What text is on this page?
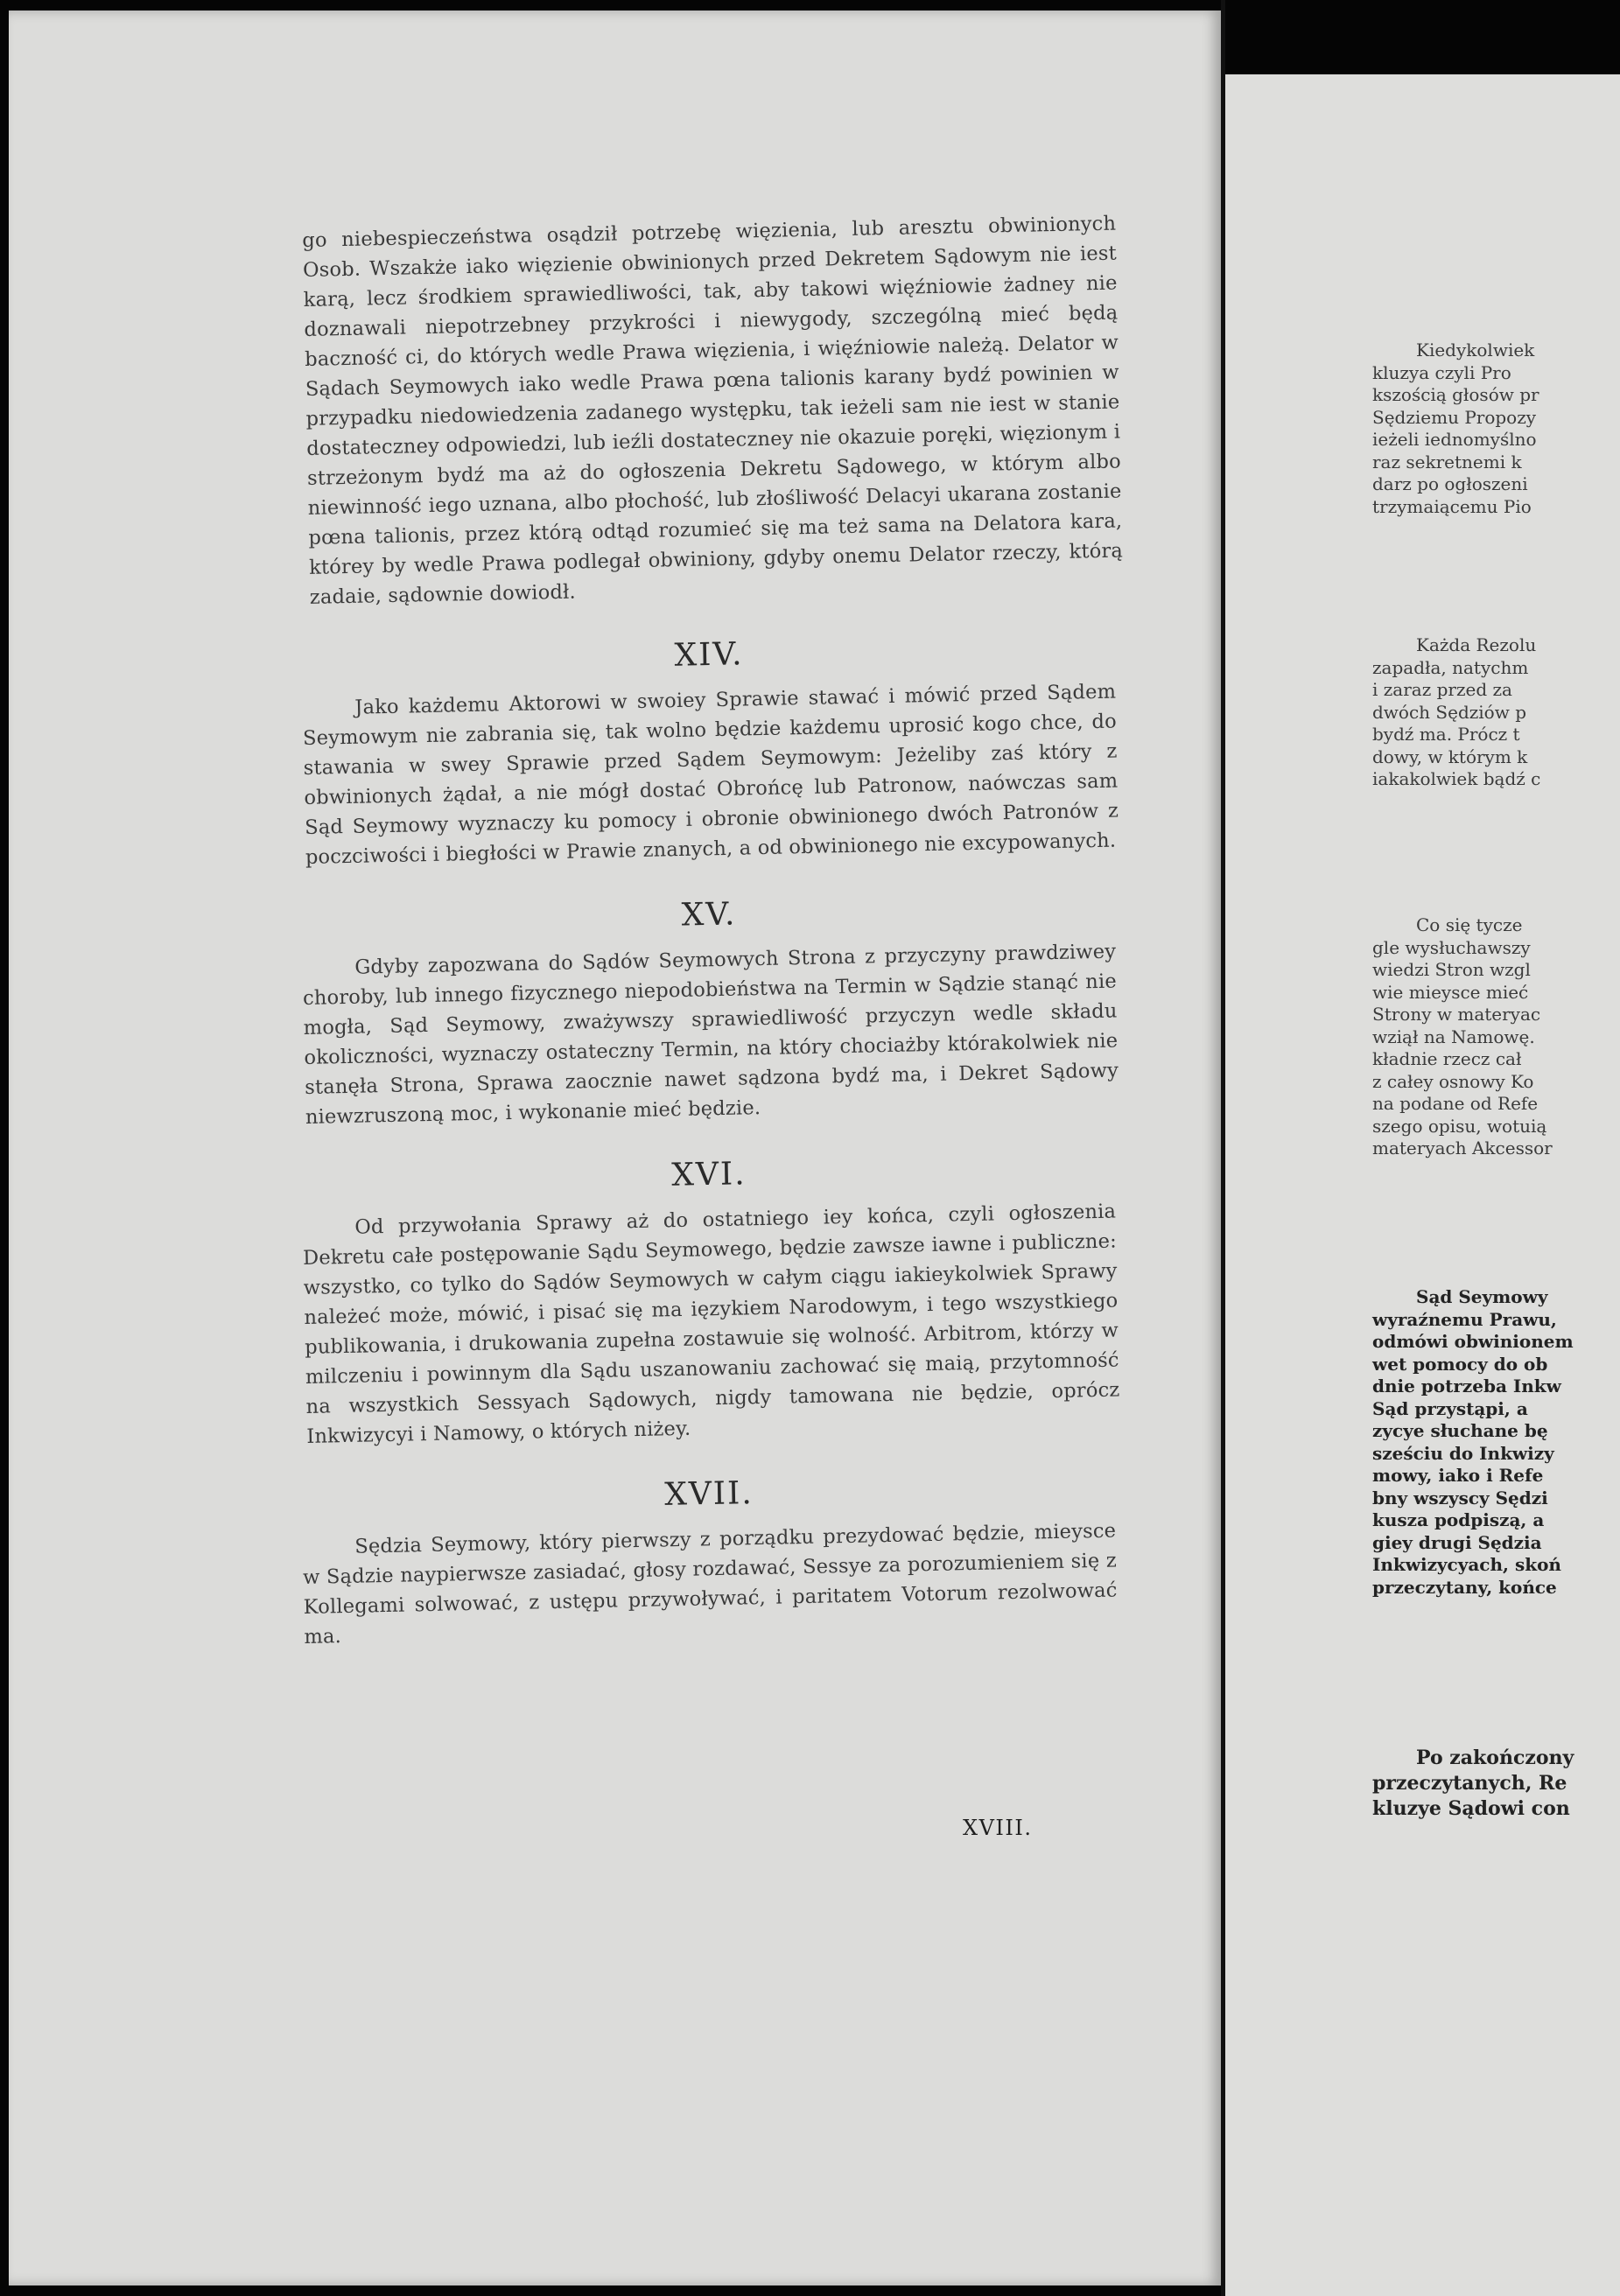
go niebespieczeństwa osądził potrzebę więzienia, lub aresztu obwinionych Osob. Wszakże iako więzienie obwinionych przed Dekretem Sądowym nie iest karą, lecz środkiem sprawiedliwości, tak, aby takowi więźniowie żadney nie doznawali niepotrzebney przykrości i niewygody, szczególną mieć będą baczność ci, do których wedle Prawa więzienia, i więźniowie należą. Delator w Sądach Seymowych iako wedle Prawa pœna talionis karany bydź powinien w przypadku niedowiedzenia zadanego występku, tak ieżeli sam nie iest w stanie dostateczney odpowiedzi, lub ieźli dostateczney nie okazuie poręki, więzionym i strzeżonym bydź ma aż do ogłoszenia Dekretu Sądowego, w którym albo niewinność iego uznana, albo płochość, lub złośliwość Delacyi ukarana zostanie pœna talionis, przez którą odtąd rozumieć się ma też sama na Delatora kara, którey by wedle Prawa podlegał obwiniony, gdyby onemu Delator rzeczy, którą zadaie, sądownie dowiodł.

XIV.

Jako każdemu Aktorowi w swoiey Sprawie stawać i mówić przed Sądem Seymowym nie zabrania się, tak wolno będzie każdemu uprosić kogo chce, do stawania w swey Sprawie przed Sądem Seymowym: Jeżeliby zaś który z obwinionych żądał, a nie mógł dostać Obrońcę lub Patronow, naówczas sam Sąd Seymowy wyznaczy ku pomocy i obronie obwinionego dwóch Patronów z poczciwości i biegłości w Prawie znanych, a od obwinionego nie excypowanych.

XV.

Gdyby zapozwana do Sądów Seymowych Strona z przyczyny prawdziwey choroby, lub innego fizycznego niepodobieństwa na Termin w Sądzie stanąć nie mogła, Sąd Seymowy, zważywszy sprawiedliwość przyczyn wedle składu okoliczności, wyznaczy ostateczny Termin, na który chociażby którakolwiek nie stanęła Strona, Sprawa zaocznie nawet sądzona bydź ma, i Dekret Sądowy niewzruszoną moc, i wykonanie mieć będzie.

XVI.

Od przywołania Sprawy aż do ostatniego iey końca, czyli ogłoszenia Dekretu całe postępowanie Sądu Seymowego, będzie zawsze iawne i publiczne: wszystko, co tylko do Sądów Seymowych w całym ciągu iakieykolwiek Sprawy należeć może, mówić, i pisać się ma ięzykiem Narodowym, i tego wszystkiego publikowania, i drukowania zupełna zostawuie się wolność. Arbitrom, którzy w milczeniu i powinnym dla Sądu uszanowaniu zachować się maią, przytomność na wszystkich Sessyach Sądowych, nigdy tamowana nie będzie, oprócz Inkwizycyi i Namowy, o których niżey.

XVII.

Sędzia Seymowy, który pierwszy z porządku prezydować będzie, mieysce w Sądzie naypierwsze zasiadać, głosy rozdawać, Sessye za porozumieniem się z Kollegami solwować, z ustępu przywoływać, i paritatem Votorum rezolwować ma.

XVIII.
Kiedykolwiek
kluzya czyli Pro
kszością głosów pr
Sędziemu Propozy
ieżeli iednomyślno
raz sekretnemi k
darz po ogłoszeni
trzymaiącemu Pio
Każda Rezolu
zapadła, natychm
i zaraz przed za
dwóch Sędziów p
bydź ma. Prócz t
dowy, w którym k
iakakolwiek bądź c
Co się tycze
gle wysłuchawszy
wiedzi Stron wzgl
wie mieysce mieć
Strony w materyac
wziął na Namowę.
kładnie rzecz cał
z całey osnowy Ko
na podane od Refe
szego opisu, wotuią
materyach Akcessor
Sąd Seymowy
wyraźnemu Prawu,
odmówi obwinionem
wet pomocy do ob
dnie potrzeba Inkw
Sąd przystąpi, a
zycye słuchane bę
sześciu do Inkwizy
mowy, iako i Refe
bny wszyscy Sędzi
kusza podpiszą, a
giey drugi Sędzia
Inkwizycyach, skoń
przeczytany, końce
Po zakończony
przeczytanych, Re
kluzye Sądowi con
